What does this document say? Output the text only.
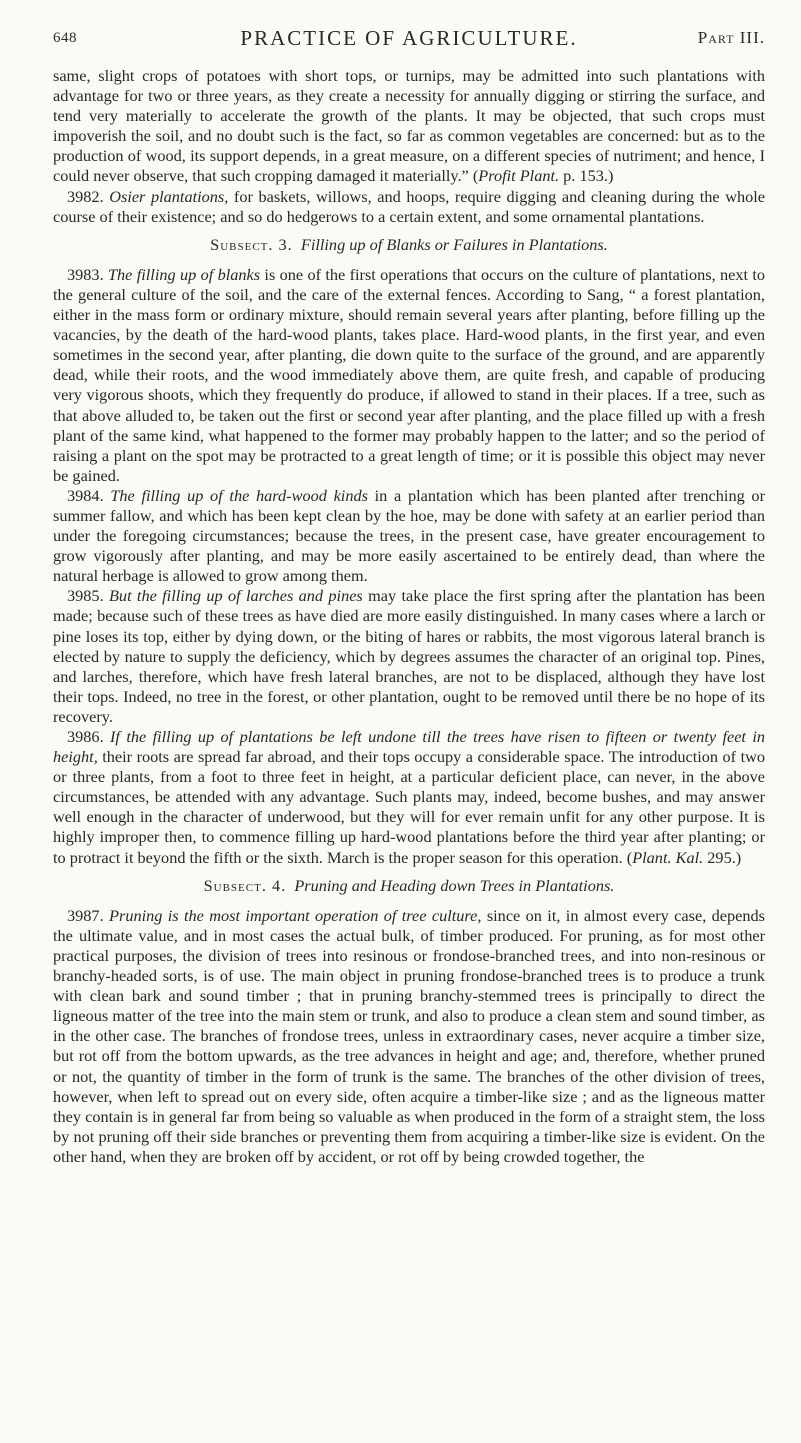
648	PRACTICE OF AGRICULTURE.	Part III.

same, slight crops of potatoes with short tops, or turnips, may be admitted into such plantations with advantage for two or three years, as they create a necessity for annually digging or stirring the surface, and tend very materially to accelerate the growth of the plants. It may be objected, that such crops must impoverish the soil, and no doubt such is the fact, so far as common vegetables are concerned: but as to the production of wood, its support depends, in a great measure, on a different species of nutriment; and hence, I could never observe, that such cropping damaged it materially.” (Profit Plant. p. 153.)

3982. Osier plantations, for baskets, willows, and hoops, require digging and cleaning during the whole course of their existence; and so do hedgerows to a certain extent, and some ornamental plantations.

Subsect. 3. Filling up of Blanks or Failures in Plantations.

3983. The filling up of blanks is one of the first operations that occurs on the culture of plantations, next to the general culture of the soil, and the care of the external fences. According to Sang, “ a forest plantation, either in the mass form or ordinary mixture, should remain several years after planting, before filling up the vacancies, by the death of the hard-wood plants, takes place. Hard-wood plants, in the first year, and even sometimes in the second year, after planting, die down quite to the surface of the ground, and are apparently dead, while their roots, and the wood immediately above them, are quite fresh, and capable of producing very vigorous shoots, which they frequently do produce, if allowed to stand in their places. If a tree, such as that above alluded to, be taken out the first or second year after planting, and the place filled up with a fresh plant of the same kind, what happened to the former may probably happen to the latter; and so the period of raising a plant on the spot may be protracted to a great length of time; or it is possible this object may never be gained.

3984. The filling up of the hard-wood kinds in a plantation which has been planted after trenching or summer fallow, and which has been kept clean by the hoe, may be done with safety at an earlier period than under the foregoing circumstances; because the trees, in the present case, have greater encouragement to grow vigorously after planting, and may be more easily ascertained to be entirely dead, than where the natural herbage is allowed to grow among them.

3985. But the filling up of larches and pines may take place the first spring after the plantation has been made; because such of these trees as have died are more easily distinguished. In many cases where a larch or pine loses its top, either by dying down, or the biting of hares or rabbits, the most vigorous lateral branch is elected by nature to supply the deficiency, which by degrees assumes the character of an original top. Pines, and larches, therefore, which have fresh lateral branches, are not to be displaced, although they have lost their tops. Indeed, no tree in the forest, or other plantation, ought to be removed until there be no hope of its recovery.

3986. If the filling up of plantations be left undone till the trees have risen to fifteen or twenty feet in height, their roots are spread far abroad, and their tops occupy a considerable space. The introduction of two or three plants, from a foot to three feet in height, at a particular deficient place, can never, in the above circumstances, be attended with any advantage. Such plants may, indeed, become bushes, and may answer well enough in the character of underwood, but they will for ever remain unfit for any other purpose. It is highly improper then, to commence filling up hard-wood plantations before the third year after planting; or to protract it beyond the fifth or the sixth. March is the proper season for this operation. (Plant. Kal. 295.)

Subsect. 4. Pruning and Heading down Trees in Plantations.

3987. Pruning is the most important operation of tree culture, since on it, in almost every case, depends the ultimate value, and in most cases the actual bulk, of timber produced. For pruning, as for most other practical purposes, the division of trees into resinous or frondose-branched trees, and into non-resinous or branchy-headed sorts, is of use. The main object in pruning frondose-branched trees is to produce a trunk with clean bark and sound timber ; that in pruning branchy-stemmed trees is principally to direct the ligneous matter of the tree into the main stem or trunk, and also to produce a clean stem and sound timber, as in the other case. The branches of frondose trees, unless in extraordinary cases, never acquire a timber size, but rot off from the bottom upwards, as the tree advances in height and age; and, therefore, whether pruned or not, the quantity of timber in the form of trunk is the same. The branches of the other division of trees, however, when left to spread out on every side, often acquire a timber-like size ; and as the ligneous matter they contain is in general far from being so valuable as when produced in the form of a straight stem, the loss by not pruning off their side branches or preventing them from acquiring a timber-like size is evident. On the other hand, when they are broken off by accident, or rot off by being crowded together, the
